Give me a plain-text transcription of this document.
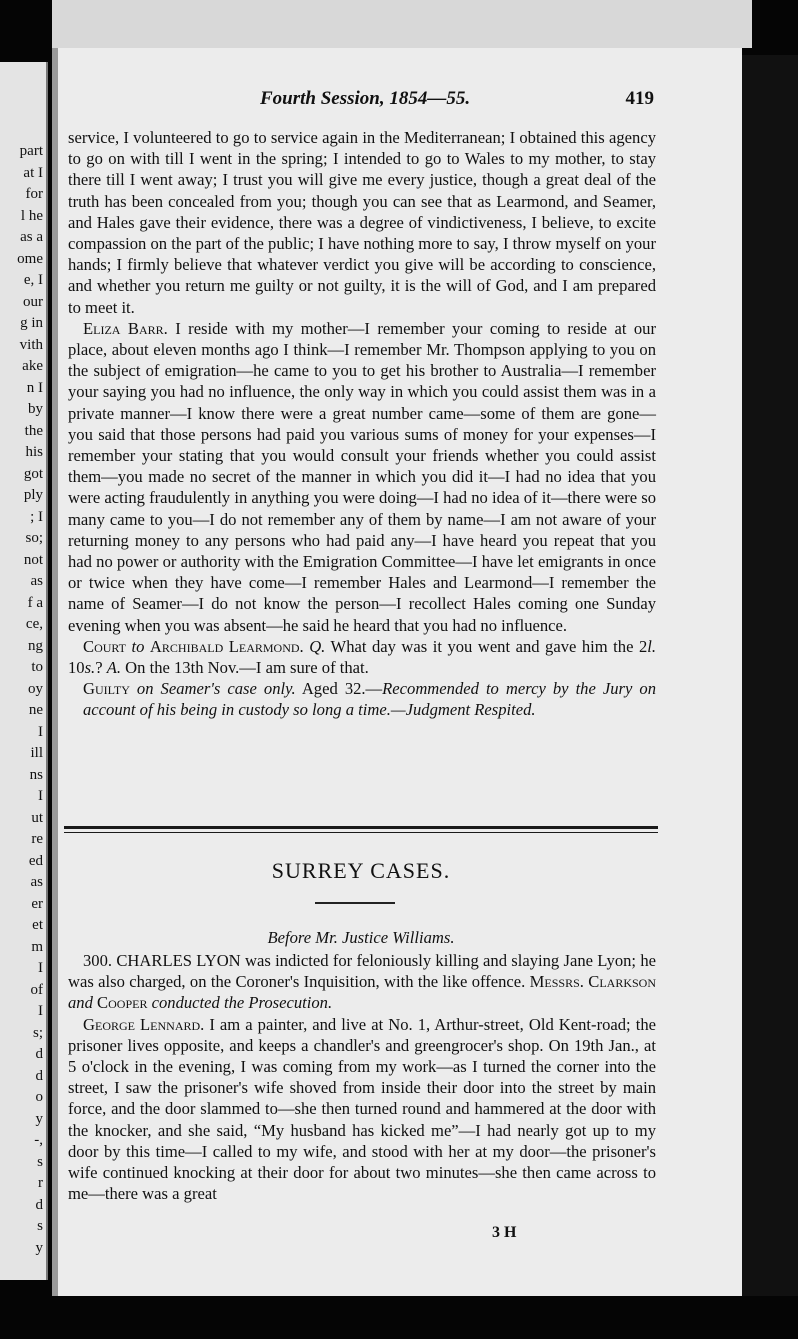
part
at I
for
l he
as a
ome
e, I
our
g in
vith
ake
n I
by
the
his
got
ply
; I
so;
not
as
f a
ce,
ng
to
oy
ne
I
ill
ns
I
ut
re
ed
as
er
et
m
I
of
I
s;
d
d
o
y
-,
s
r
d
s
y
Fourth Session, 1854—55.	419

service, I volunteered to go to service again in the Mediterranean; I obtained this agency to go on with till I went in the spring; I intended to go to Wales to my mother, to stay there till I went away; I trust you will give me every justice, though a great deal of the truth has been concealed from you; though you can see that as Learmond, and Seamer, and Hales gave their evidence, there was a degree of vindictiveness, I believe, to excite compassion on the part of the public; I have nothing more to say, I throw myself on your hands; I firmly believe that whatever verdict you give will be according to conscience, and whether you return me guilty or not guilty, it is the will of God, and I am prepared to meet it.

Eliza Barr. I reside with my mother—I remember your coming to reside at our place, about eleven months ago I think—I remember Mr. Thompson applying to you on the subject of emigration—he came to you to get his brother to Australia—I remember your saying you had no influence, the only way in which you could assist them was in a private manner—I know there were a great number came—some of them are gone—you said that those persons had paid you various sums of money for your expenses—I remember your stating that you would consult your friends whether you could assist them—you made no secret of the manner in which you did it—I had no idea that you were acting fraudulently in anything you were doing—I had no idea of it—there were so many came to you—I do not remember any of them by name—I am not aware of your returning money to any persons who had paid any—I have heard you repeat that you had no power or authority with the Emigration Committee—I have let emigrants in once or twice when they have come—I remember Hales and Learmond—I remember the name of Seamer—I do not know the person—I recollect Hales coming one Sunday evening when you was absent—he said he heard that you had no influence.

Court to Archibald Learmond. Q. What day was it you went and gave him the 2l. 10s.? A. On the 13th Nov.—I am sure of that.

Guilty on Seamer's case only. Aged 32.—Recommended to mercy by the Jury on account of his being in custody so long a time.—Judgment Respited.

SURREY CASES.
Before Mr. Justice Williams.

300. CHARLES LYON was indicted for feloniously killing and slaying Jane Lyon; he was also charged, on the Coroner's Inquisition, with the like offence. Messrs. Clarkson and Cooper conducted the Prosecution.

George Lennard. I am a painter, and live at No. 1, Arthur-street, Old Kent-road; the prisoner lives opposite, and keeps a chandler's and greengrocer's shop. On 19th Jan., at 5 o'clock in the evening, I was coming from my work—as I turned the corner into the street, I saw the prisoner's wife shoved from inside their door into the street by main force, and the door slammed to—she then turned round and hammered at the door with the knocker, and she said, “My husband has kicked me”—I had nearly got up to my door by this time—I called to my wife, and stood with her at my door—the prisoner's wife continued knocking at their door for about two minutes—she then came across to me—there was a great

3 H
